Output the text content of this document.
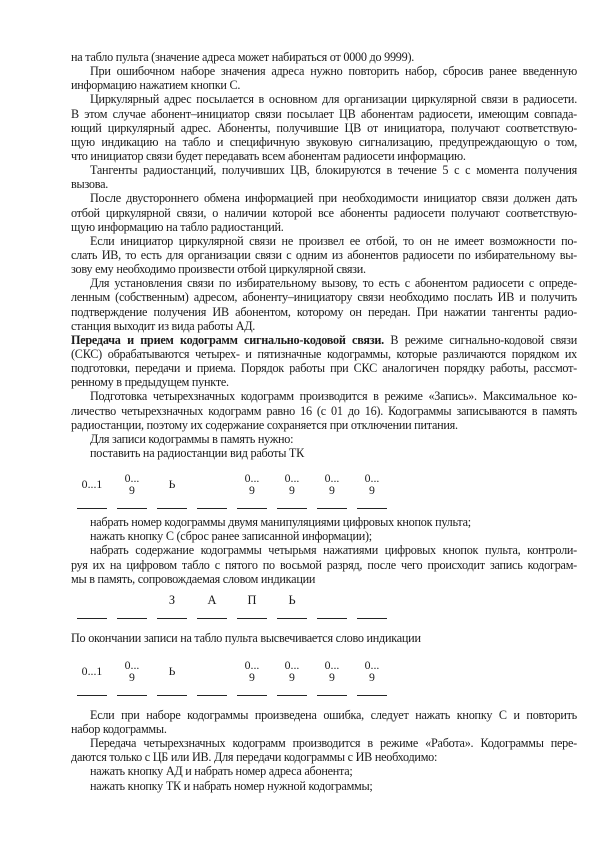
на табло пульта (значение адреса может набираться от 0000 до 9999).
При ошибочном наборе значения адреса нужно повторить набор, сбросив ранее введенную
информацию нажатием кнопки С.
Циркулярный адрес посылается в основном для организации циркулярной связи в радиосети.
В этом случае абонент–инициатор связи посылает ЦВ абонентам радиосети, имеющим совпада-
ющий циркулярный адрес. Абоненты, получившие ЦВ от инициатора, получают соответствую-
щую индикацию на табло и специфичную звуковую сигнализацию, предупреждающую о том,
что инициатор связи будет передавать всем абонентам радиосети информацию.
Тангенты радиостанций, получивших ЦВ, блокируются в течение 5 с с момента получения
вызова.
После двустороннего обмена информацией при необходимости инициатор связи должен дать
отбой циркулярной связи, о наличии которой все абоненты радиосети получают соответствую-
щую информацию на табло радиостанций.
Если инициатор циркулярной связи не произвел ее отбой, то он не имеет возможности по-
слать ИВ, то есть для организации связи с одним из абонентов радиосети по избирательному вы-
зову ему необходимо произвести отбой циркулярной связи.
Для установления связи по избирательному вызову, то есть с абонентом радиосети с опреде-
ленным (собственным) адресом, абоненту–инициатору связи необходимо послать ИВ и получить
подтверждение получения ИВ абонентом, которому он передан. При нажатии тангенты радио-
станция выходит из вида работы АД.
Передача и прием кодограмм сигнально-кодовой связи. В режиме сигнально-кодовой связи
(СКС) обрабатываются четырех- и пятизначные кодограммы, которые различаются порядком их
подготовки, передачи и приема. Порядок работы при СКС аналогичен порядку работы, рассмот-
ренному в предыдущем пункте.
Подготовка четырехзначных кодограмм производится в режиме «Запись». Максимальное ко-
личество четырехзначных кодограмм равно 16 (с 01 до 16). Кодограммы записываются в память
радиостанции, поэтому их содержание сохраняется при отключении питания.
Для записи кодограммы в память нужно:
поставить на радиостанции вид работы ТК
0...1 0...
9	Ь	0...
9
0...
9
0...
9
0...
9
набрать номер кодограммы двумя манипуляциями цифровых кнопок пульта;
нажать кнопку С (сброс ранее записанной информации);
набрать содержание кодограммы четырьмя нажатиями цифровых кнопок пульта, контроли-
руя их на цифровом табло с пятого по восьмой разряд, после чего происходит запись кодограм-
мы в память, сопровождаемая словом индикации
З	А	П	Ь
По окончании записи на табло пульта высвечивается слово индикации
0...1 0...
9	Ь	0...
9
0...
9
0...
9
0...
9
Если при наборе кодограммы произведена ошибка, следует нажать кнопку С и повторить
набор кодограммы.
Передача четырехзначных кодограмм производится в режиме «Работа». Кодограммы пере-
даются только с ЦБ или ИВ. Для передачи кодограммы с ИВ необходимо:
нажать кнопку АД и набрать номер адреса абонента;
нажать кнопку ТК и набрать номер нужной кодограммы;
